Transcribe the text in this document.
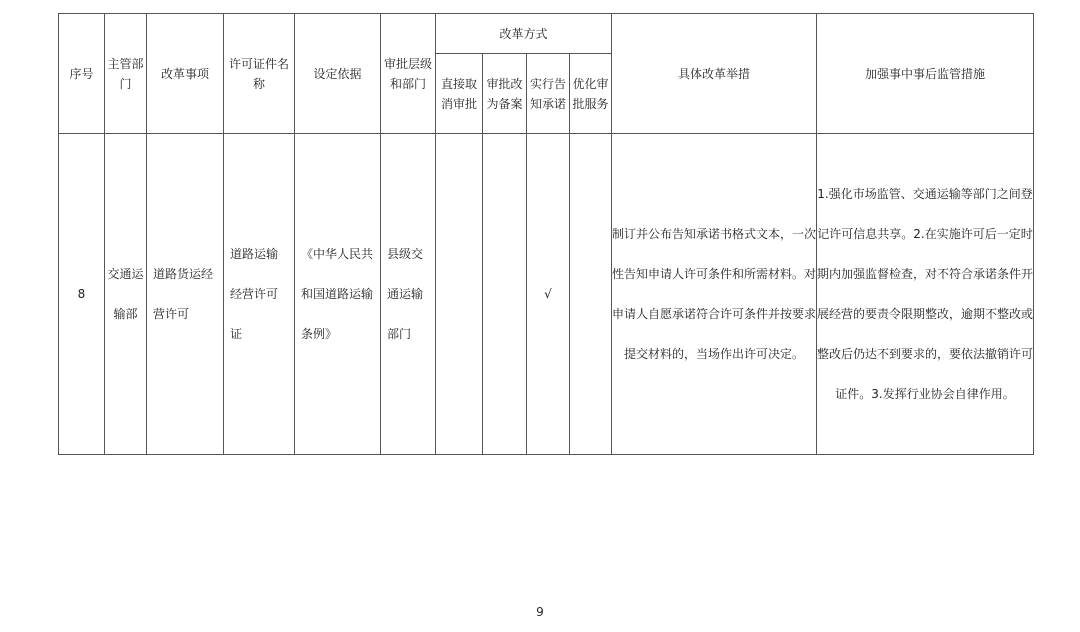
序号	主管部门	改革事项	许可证件名称	设定依据	审批层级和部门	改革方式				具体改革举措	加强事中事后监管措施
						直接取消审批	审批改为备案	实行告知承诺	优化审批服务		
8	交通运输部	道路货运经营许可	道路运输经营许可证	《中华人民共和国道路运输条例》	县级交通运输部门			√		制订并公布告知承诺书格式文本，一次性告知申请人许可条件和所需材料。对申请人自愿承诺符合许可条件并按要求提交材料的，当场作出许可决定。	1.强化市场监管、交通运输等部门之间登记许可信息共享。2.在实施许可后一定时期内加强监督检查，对不符合承诺条件开展经营的要责令限期整改，逾期不整改或整改后仍达不到要求的，要依法撤销许可证件。3.发挥行业协会自律作用。
9
